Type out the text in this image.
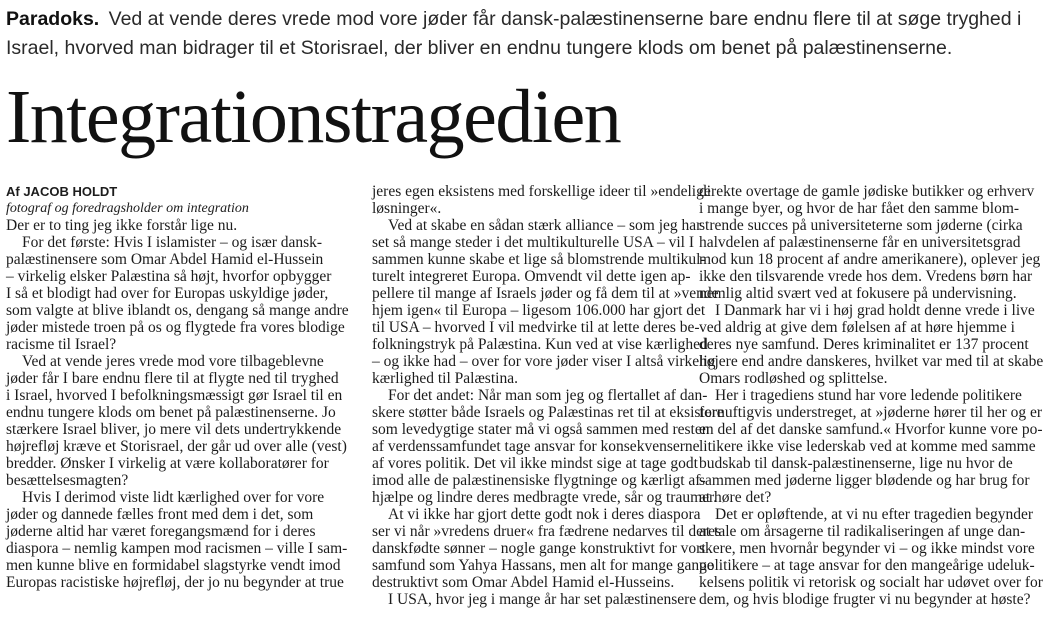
Paradoks. Ved at vende deres vrede mod vore jøder får dansk-palæstinenserne bare endnu flere til at søge tryghed i

Israel, hvorved man bidrager til et Storisrael, der bliver en endnu tungere klods om benet på palæstinenserne.

Integrationstragedien

Af JACOB HOLDT

fotograf og foredragsholder om integration

Der er to ting jeg ikke forstår lige nu.

For det første: Hvis I islamister – og især dansk-

palæstinensere som Omar Abdel Hamid el-Hussein

– virkelig elsker Palæstina så højt, hvorfor opbygger

I så et blodigt had over for Europas uskyldige jøder,

som valgte at blive iblandt os, dengang så mange andre

jøder mistede troen på os og flygtede fra vores blodige

racisme til Israel?

Ved at vende jeres vrede mod vore tilbageblevne

jøder får I bare endnu flere til at flygte ned til tryghed

i Israel, hvorved I befolkningsmæssigt gør Israel til en

endnu tungere klods om benet på palæstinenserne. Jo

stærkere Israel bliver, jo mere vil dets undertrykkende

højrefløj kræve et Storisrael, der går ud over alle (vest)

bredder. Ønsker I virkelig at være kollaboratører for

besættelsesmagten?

Hvis I derimod viste lidt kærlighed over for vore

jøder og dannede fælles front med dem i det, som

jøderne altid har været foregangsmænd for i deres

diaspora – nemlig kampen mod racismen – ville I sam-

men kunne blive en formidabel slagstyrke vendt imod

Europas racistiske højrefløj, der jo nu begynder at true

jeres egen eksistens med forskellige ideer til »endelige

løsninger«.

Ved at skabe en sådan stærk alliance – som jeg har

set så mange steder i det multikulturelle USA – vil I

sammen kunne skabe et lige så blomstrende multikul-

turelt integreret Europa. Omvendt vil dette igen ap-

pellere til mange af Israels jøder og få dem til at »vende

hjem igen« til Europa – ligesom 106.000 har gjort det

til USA – hvorved I vil medvirke til at lette deres be-

folkningstryk på Palæstina. Kun ved at vise kærlighed

– og ikke had – over for vore jøder viser I altså virkelig

kærlighed til Palæstina.

For det andet: Når man som jeg og flertallet af dan-

skere støtter både Israels og Palæstinas ret til at eksistere

som levedygtige stater må vi også sammen med resten

af verdenssamfundet tage ansvar for konsekvenserne

af vores politik. Det vil ikke mindst sige at tage godt

imod alle de palæstinensiske flygtninge og kærligt af-

hjælpe og lindre deres medbragte vrede, sår og traumer.

At vi ikke har gjort dette godt nok i deres diaspora

ser vi når »vredens druer« fra fædrene nedarves til deres

danskfødte sønner – nogle gange konstruktivt for vort

samfund som Yahya Hassans, men alt for mange gange

destruktivt som Omar Abdel Hamid el-Husseins.

I USA, hvor jeg i mange år har set palæstinensere

direkte overtage de gamle jødiske butikker og erhverv

i mange byer, og hvor de har fået den samme blom-

strende succes på universiteterne som jøderne (cirka

halvdelen af palæstinenserne får en universitetsgrad

mod kun 18 procent af andre amerikanere), oplever jeg

ikke den tilsvarende vrede hos dem. Vredens børn har

nemlig altid svært ved at fokusere på undervisning.

I Danmark har vi i høj grad holdt denne vrede i live

ved aldrig at give dem følelsen af at høre hjemme i

deres nye samfund. Deres kriminalitet er 137 procent

højere end andre danskeres, hvilket var med til at skabe

Omars rodløshed og splittelse.

Her i tragediens stund har vore ledende politikere

fornuftigvis understreget, at »jøderne hører til her og er

en del af det danske samfund.« Hvorfor kunne vore po-

litikere ikke vise lederskab ved at komme med samme

budskab til dansk-palæstinenserne, lige nu hvor de

sammen med jøderne ligger blødende og har brug for

at høre det?

Det er opløftende, at vi nu efter tragedien begynder

at tale om årsagerne til radikaliseringen af unge dan-

skere, men hvornår begynder vi – og ikke mindst vore

politikere – at tage ansvar for den mangeårige udeluk-

kelsens politik vi retorisk og socialt har udøvet over for

dem, og hvis blodige frugter vi nu begynder at høste?
